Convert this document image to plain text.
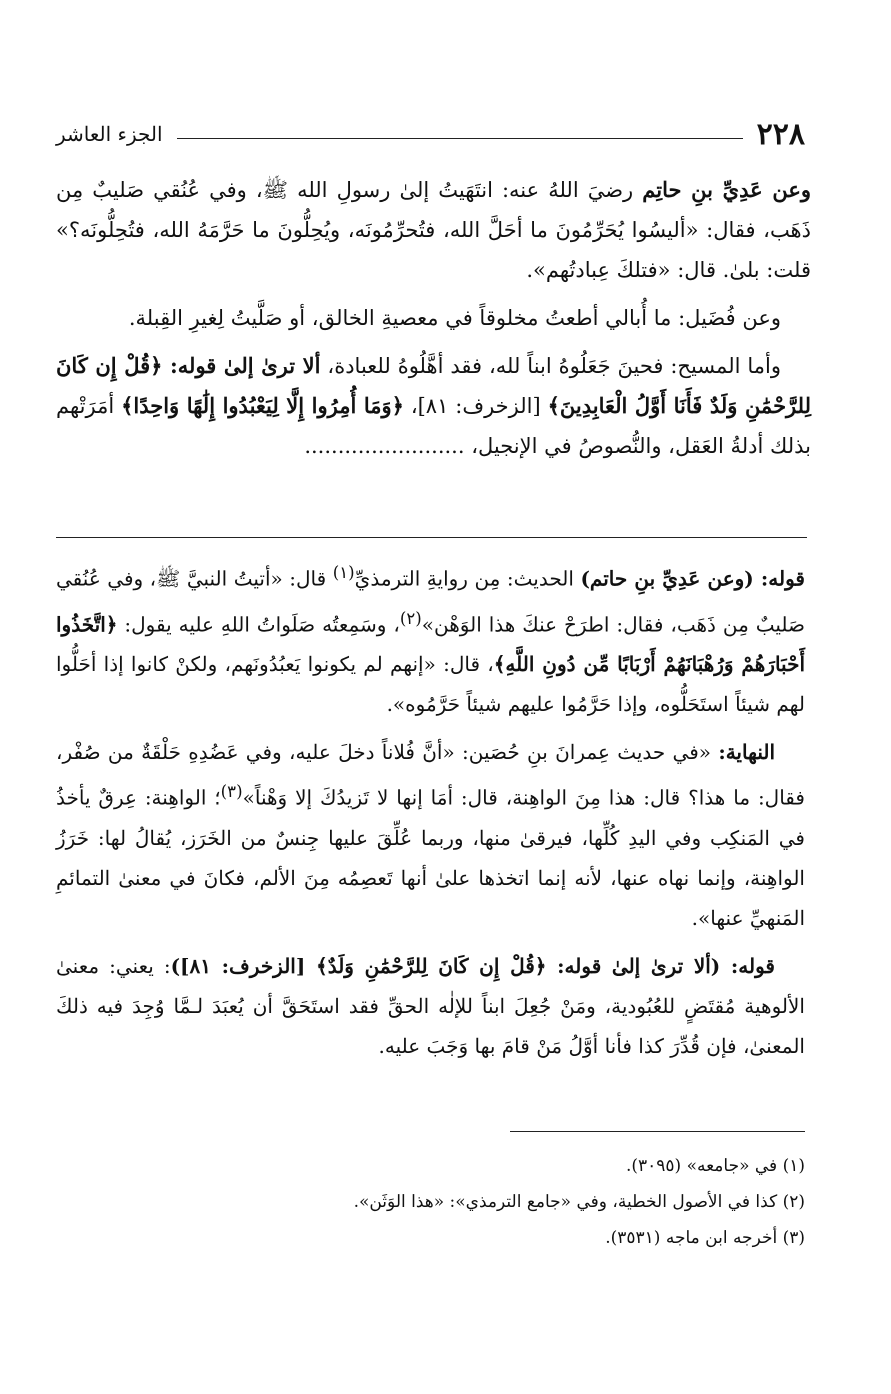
٢٢٨
الجزء العاشر

وعن عَدِيِّ بنِ حاتِم رضيَ اللهُ عنه: انتَهَيتُ إلىٰ رسولِ الله ﷺ، وفي عُنُقي صَليبٌ مِن ذَهَب، فقال: «أليسُوا يُحَرِّمُونَ ما أحَلَّ الله، فتُحرِّمُونَه، ويُحِلُّونَ ما حَرَّمَهُ الله، فتُحِلُّونَه؟» قلت: بلىٰ. قال: «فتلكَ عِبادتُهم».

وعن فُضَيل: ما أُبالي أطعتُ مخلوقاً في معصيةِ الخالق، أو صَلَّيتُ لِغيرِ القِبلة.

وأما المسيح: فحينَ جَعَلُوهُ ابناً لله، فقد أهَّلُوهُ للعبادة، ألا ترىٰ إلىٰ قوله: ﴿قُلْ إِن كَانَ لِلرَّحْمَٰنِ وَلَدٌ فَأَنَا أَوَّلُ الْعَابِدِينَ﴾ [الزخرف: ٨١]، ﴿وَمَا أُمِرُوا إِلَّا لِيَعْبُدُوا إِلَٰهًا وَاحِدًا﴾ أمَرَتْهم بذلك أدلةُ العَقل، والنُّصوصُ في الإنجيل، ........................

قوله: (وعن عَدِيِّ بنِ حاتم) الحديث: مِن روايةِ الترمذيِّ$^{(١)}$ قال: «أتيتُ النبيَّ ﷺ، وفي عُنُقي صَليبٌ مِن ذَهَب، فقال: اطرَحْ عنكَ هذا الوَهْن»$^{(٢)}$، وسَمِعتُه صَلَواتُ اللهِ عليه يقول: ﴿اتَّخَذُوا أَحْبَارَهُمْ وَرُهْبَانَهُمْ أَرْبَابًا مِّن دُونِ اللَّهِ﴾، قال: «إنهم لم يكونوا يَعبُدُونَهم، ولكنْ كانوا إذا أحَلُّوا لهم شيئاً استَحَلُّوه، وإذا حَرَّمُوا عليهم شيئاً حَرَّمُوه».

النهاية: «في حديث عِمرانَ بنِ حُصَين: «أنَّ فُلاناً دخلَ عليه، وفي عَضُدِهِ حَلْقَةٌ من صُفْر، فقال: ما هذا؟ قال: هذا مِنَ الواهِنة، قال: أمَا إنها لا تَزيدُكَ إلا وَهْناً»$^{(٣)}$؛ الواهِنة: عِرقٌ يأخذُ في المَنكِب وفي اليدِ كُلِّها، فيرقىٰ منها، وربما عُلِّقَ عليها جِنسٌ من الخَرَز، يُقالُ لها: خَرَزُ الواهِنة، وإنما نهاه عنها، لأنه إنما اتخذها علىٰ أنها تَعصِمُه مِنَ الألم، فكانَ في معنىٰ التمائمِ المَنهيِّ عنها».

قوله: (ألا ترىٰ إلىٰ قوله: ﴿قُلْ إِن كَانَ لِلرَّحْمَٰنِ وَلَدٌ﴾ [الزخرف: ٨١]): يعني: معنىٰ الألوهية مُقتَضٍ للعُبُودية، ومَنْ جُعِلَ ابناً للإلٰه الحقِّ فقد استَحَقَّ أن يُعبَدَ لـمَّا وُجِدَ فيه ذلكَ المعنىٰ، فإن قُدِّرَ كذا فأنا أوَّلُ مَنْ قامَ بها وَجَبَ عليه.

(١) في «جامعه» (٣٠٩٥).

(٢) كذا في الأصول الخطية، وفي «جامع الترمذي»: «هذا الوَثَن».

(٣) أخرجه ابن ماجه (٣٥٣١).
